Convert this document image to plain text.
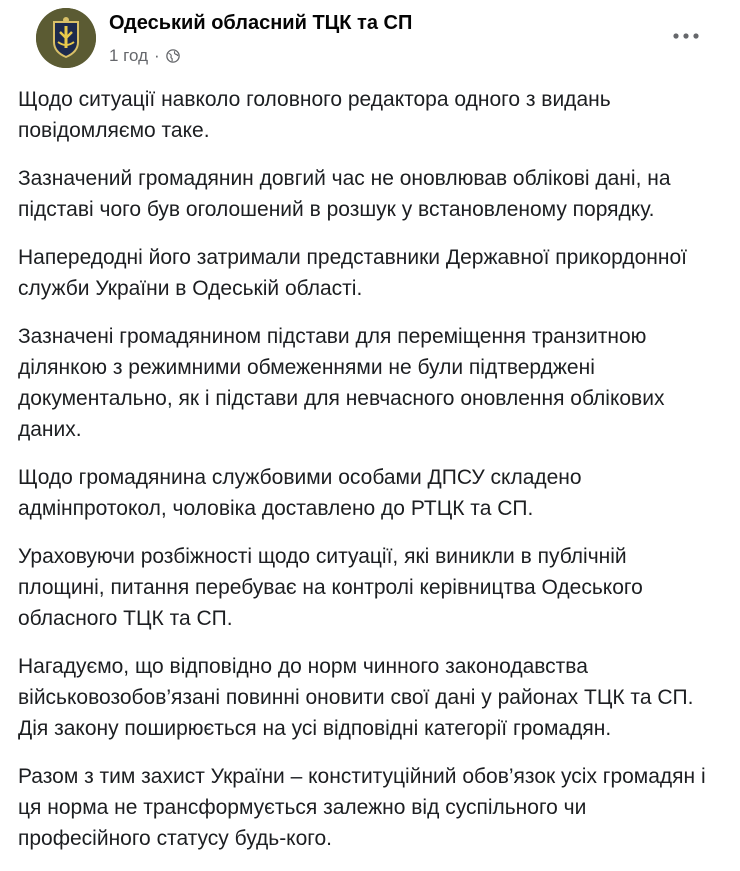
Одеський обласний ТЦК та СП
1 год ·

Щодо ситуації навколо головного редактора одного з видань повідомляємо таке.

Зазначений громадянин довгий час не оновлював облікові дані, на підставі чого був оголошений в розшук у встановленому порядку.

Напередодні його затримали представники Державної прикордонної служби України в Одеській області.

Зазначені громадянином підстави для переміщення транзитною ділянкою з режимними обмеженнями не були підтверджені документально, як і підстави для невчасного оновлення облікових даних.

Щодо громадянина службовими особами ДПСУ складено адмінпротокол, чоловіка доставлено до РТЦК та СП.

Ураховуючи розбіжності щодо ситуації, які виникли в публічній площині, питання перебуває на контролі керівництва Одеського обласного ТЦК та СП.

Нагадуємо, що відповідно до норм чинного законодавства військовозобов’язані повинні оновити свої дані у районах ТЦК та СП. Дія закону поширюється на усі відповідні категорії громадян.

Разом з тим захист України – конституційний обов’язок усіх громадян і ця норма не трансформується залежно від суспільного чи професійного статусу будь-кого.
